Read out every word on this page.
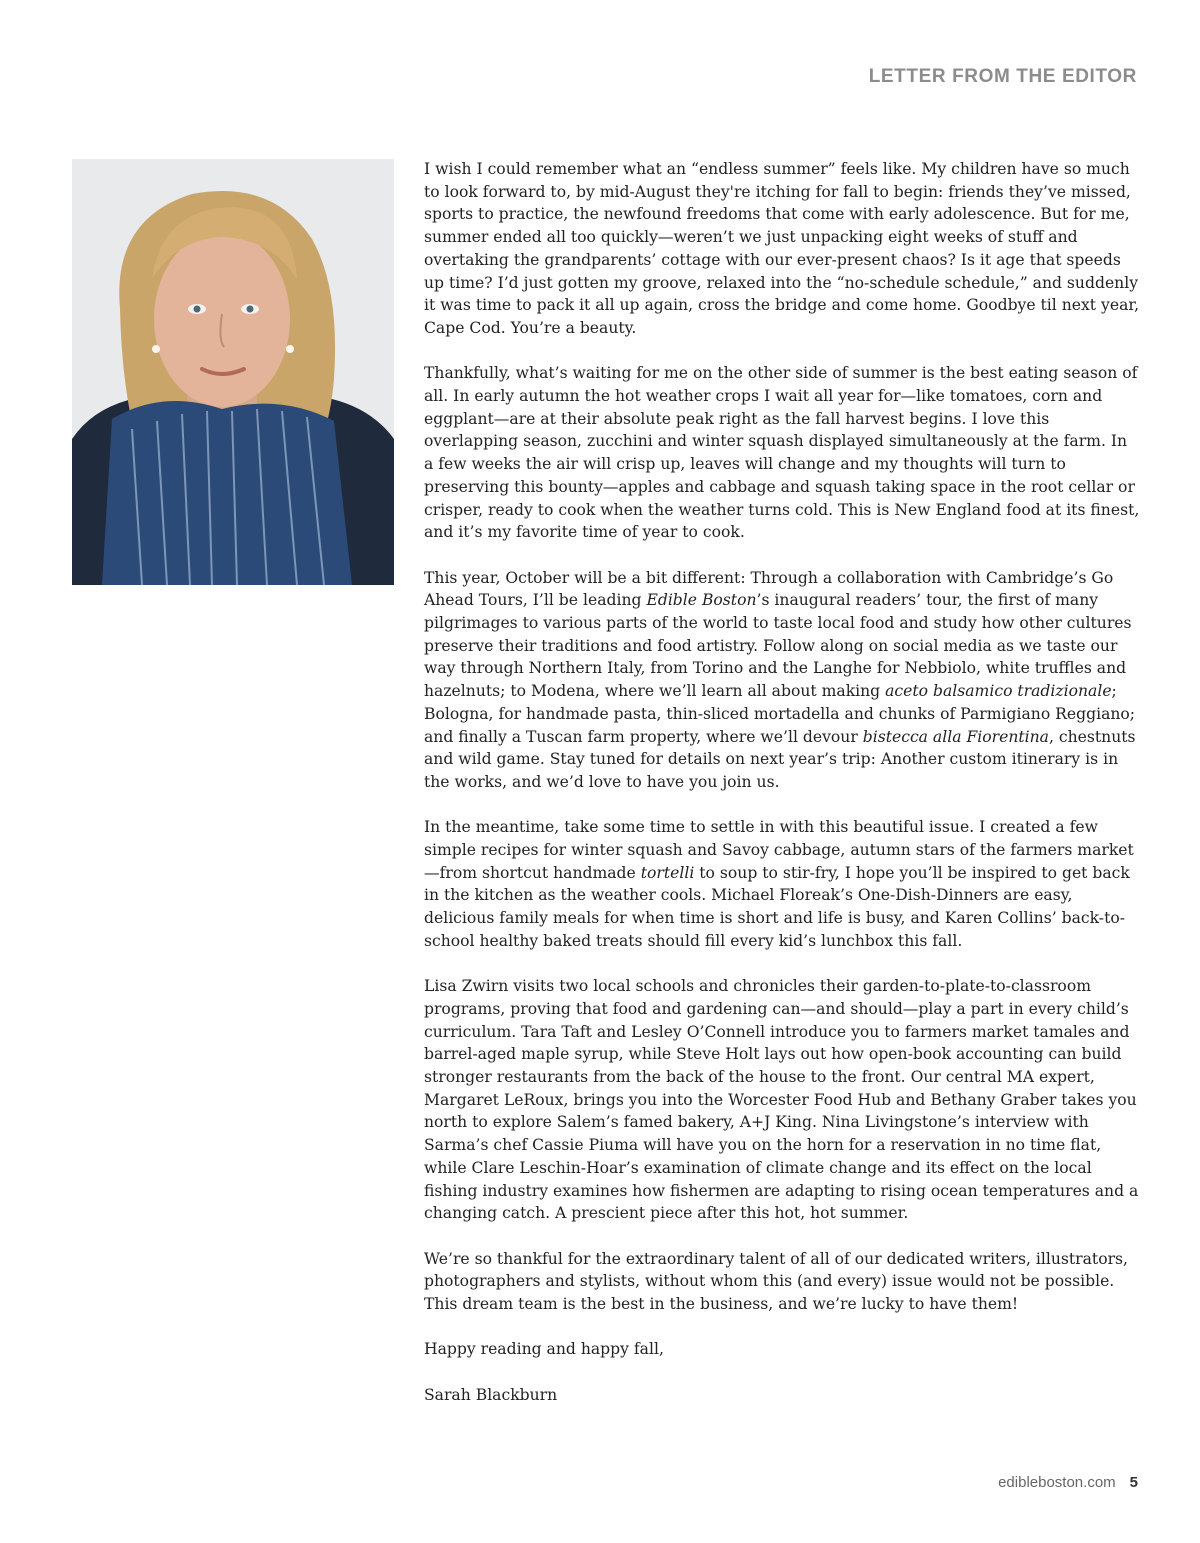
LETTER FROM THE EDITOR

I wish I could remember what an “endless summer” feels like. My children have so much to look forward to, by mid-August they're itching for fall to begin: friends they’ve missed, sports to practice, the newfound freedoms that come with early adolescence. But for me, summer ended all too quickly—weren’t we just unpacking eight weeks of stuff and overtaking the grandparents’ cottage with our ever-present chaos? Is it age that speeds up time? I’d just gotten my groove, relaxed into the “no-schedule schedule,” and suddenly it was time to pack it all up again, cross the bridge and come home. Goodbye til next year, Cape Cod. You’re a beauty.

Thankfully, what’s waiting for me on the other side of summer is the best eating season of all. In early autumn the hot weather crops I wait all year for—like tomatoes, corn and eggplant—are at their absolute peak right as the fall harvest begins. I love this overlapping season, zucchini and winter squash displayed simultaneously at the farm. In a few weeks the air will crisp up, leaves will change and my thoughts will turn to preserving this bounty—apples and cabbage and squash taking space in the root cellar or crisper, ready to cook when the weather turns cold. This is New England food at its finest, and it’s my favorite time of year to cook.

This year, October will be a bit different: Through a collaboration with Cambridge’s Go Ahead Tours, I’ll be leading Edible Boston’s inaugural readers’ tour, the first of many pilgrimages to various parts of the world to taste local food and study how other cultures preserve their traditions and food artistry. Follow along on social media as we taste our way through Northern Italy, from Torino and the Langhe for Nebbiolo, white truffles and hazelnuts; to Modena, where we’ll learn all about making aceto balsamico tradizionale; Bologna, for handmade pasta, thin-sliced mortadella and chunks of Parmigiano Reggiano; and finally a Tuscan farm property, where we’ll devour bistecca alla Fiorentina, chestnuts and wild game. Stay tuned for details on next year’s trip: Another custom itinerary is in the works, and we’d love to have you join us.

In the meantime, take some time to settle in with this beautiful issue. I created a few simple recipes for winter squash and Savoy cabbage, autumn stars of the farmers market —from shortcut handmade tortelli to soup to stir-fry, I hope you’ll be inspired to get back in the kitchen as the weather cools. Michael Floreak’s One-Dish-Dinners are easy, delicious family meals for when time is short and life is busy, and Karen Collins’ back-to-school healthy baked treats should fill every kid’s lunchbox this fall.

Lisa Zwirn visits two local schools and chronicles their garden-to-plate-to-classroom programs, proving that food and gardening can—and should—play a part in every child’s curriculum. Tara Taft and Lesley O’Connell introduce you to farmers market tamales and barrel-aged maple syrup, while Steve Holt lays out how open-book accounting can build stronger restaurants from the back of the house to the front. Our central MA expert, Margaret LeRoux, brings you into the Worcester Food Hub and Bethany Graber takes you north to explore Salem’s famed bakery, A+J King. Nina Livingstone’s interview with Sarma’s chef Cassie Piuma will have you on the horn for a reservation in no time flat, while Clare Leschin-Hoar’s examination of climate change and its effect on the local fishing industry examines how fishermen are adapting to rising ocean temperatures and a changing catch. A prescient piece after this hot, hot summer.

We’re so thankful for the extraordinary talent of all of our dedicated writers, illustrators, photographers and stylists, without whom this (and every) issue would not be possible. This dream team is the best in the business, and we’re lucky to have them!

Happy reading and happy fall,

Sarah Blackburn

edibleboston.com 5
